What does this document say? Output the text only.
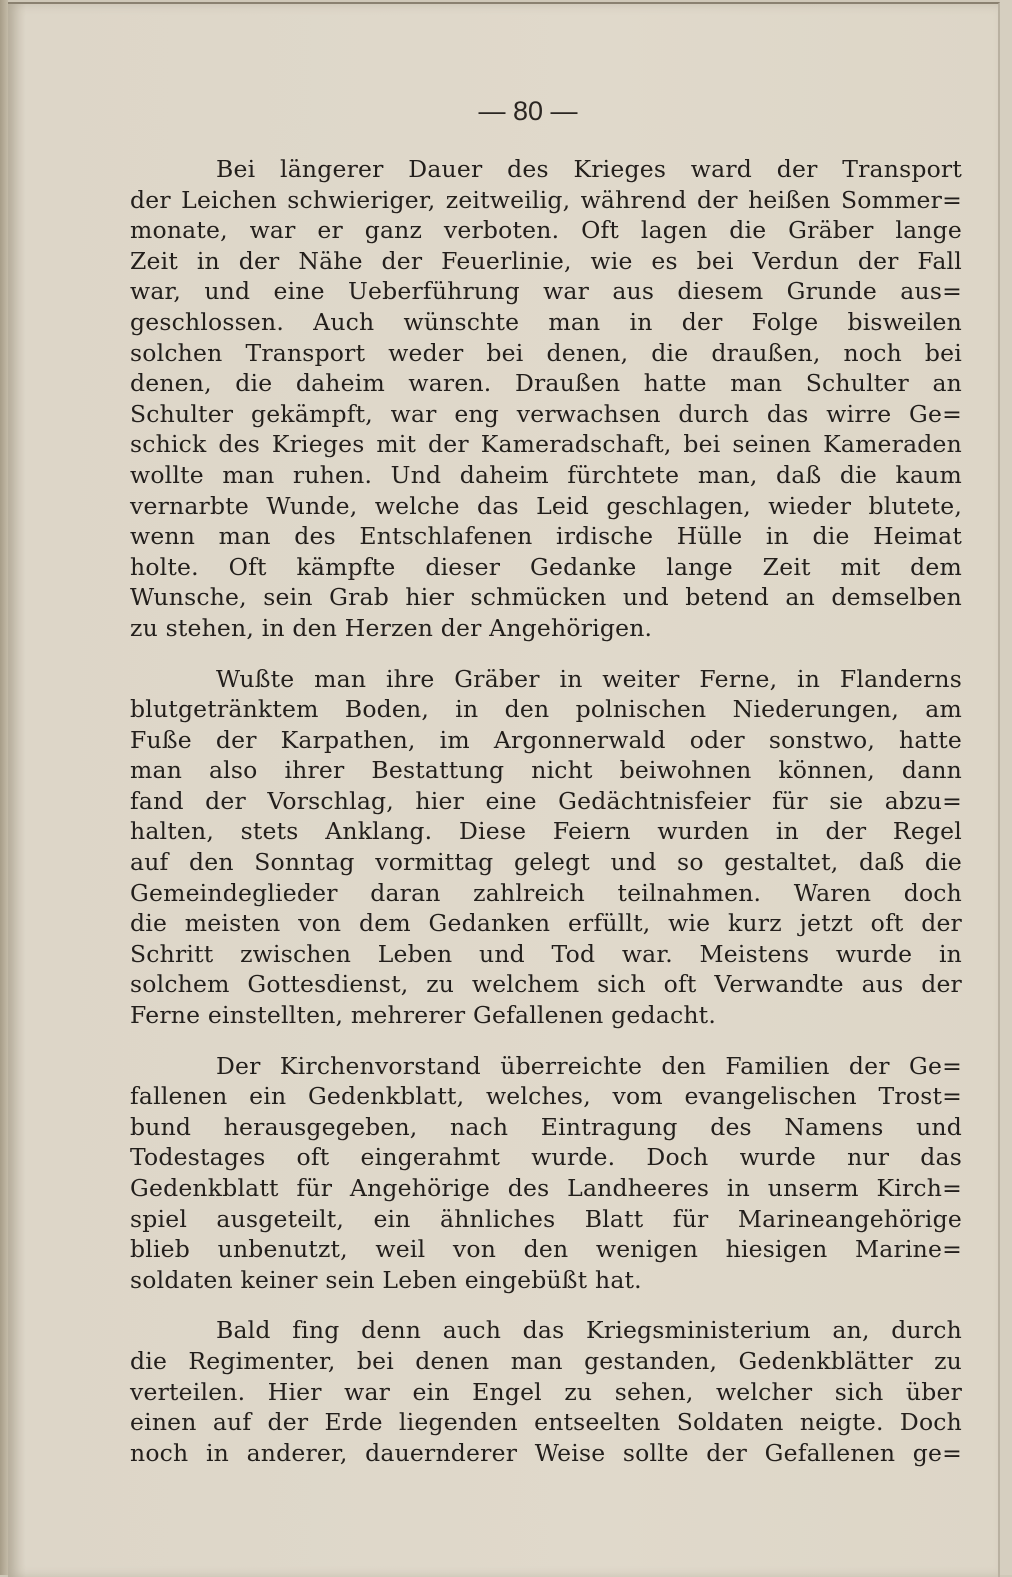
— 80 —
Bei längerer Dauer des Krieges ward der Transport
der Leichen schwieriger, zeitweilig, während der heißen Sommer=
monate, war er ganz verboten. Oft lagen die Gräber lange
Zeit in der Nähe der Feuerlinie, wie es bei Verdun der Fall
war, und eine Ueberführung war aus diesem Grunde aus=
geschlossen. Auch wünschte man in der Folge bisweilen
solchen Transport weder bei denen, die draußen, noch bei
denen, die daheim waren. Draußen hatte man Schulter an
Schulter gekämpft, war eng verwachsen durch das wirre Ge=
schick des Krieges mit der Kameradschaft, bei seinen Kameraden
wollte man ruhen. Und daheim fürchtete man, daß die kaum
vernarbte Wunde, welche das Leid geschlagen, wieder blutete,
wenn man des Entschlafenen irdische Hülle in die Heimat
holte. Oft kämpfte dieser Gedanke lange Zeit mit dem
Wunsche, sein Grab hier schmücken und betend an demselben
zu stehen, in den Herzen der Angehörigen.
Wußte man ihre Gräber in weiter Ferne, in Flanderns
blutgetränktem Boden, in den polnischen Niederungen, am
Fuße der Karpathen, im Argonnerwald oder sonstwo, hatte
man also ihrer Bestattung nicht beiwohnen können, dann
fand der Vorschlag, hier eine Gedächtnisfeier für sie abzu=
halten, stets Anklang. Diese Feiern wurden in der Regel
auf den Sonntag vormittag gelegt und so gestaltet, daß die
Gemeindeglieder daran zahlreich teilnahmen. Waren doch
die meisten von dem Gedanken erfüllt, wie kurz jetzt oft der
Schritt zwischen Leben und Tod war. Meistens wurde in
solchem Gottesdienst, zu welchem sich oft Verwandte aus der
Ferne einstellten, mehrerer Gefallenen gedacht.
Der Kirchenvorstand überreichte den Familien der Ge=
fallenen ein Gedenkblatt, welches, vom evangelischen Trost=
bund herausgegeben, nach Eintragung des Namens und
Todestages oft eingerahmt wurde. Doch wurde nur das
Gedenkblatt für Angehörige des Landheeres in unserm Kirch=
spiel ausgeteilt, ein ähnliches Blatt für Marineangehörige
blieb unbenutzt, weil von den wenigen hiesigen Marine=
soldaten keiner sein Leben eingebüßt hat.
Bald fing denn auch das Kriegsministerium an, durch
die Regimenter, bei denen man gestanden, Gedenkblätter zu
verteilen. Hier war ein Engel zu sehen, welcher sich über
einen auf der Erde liegenden entseelten Soldaten neigte. Doch
noch in anderer, dauernderer Weise sollte der Gefallenen ge=
